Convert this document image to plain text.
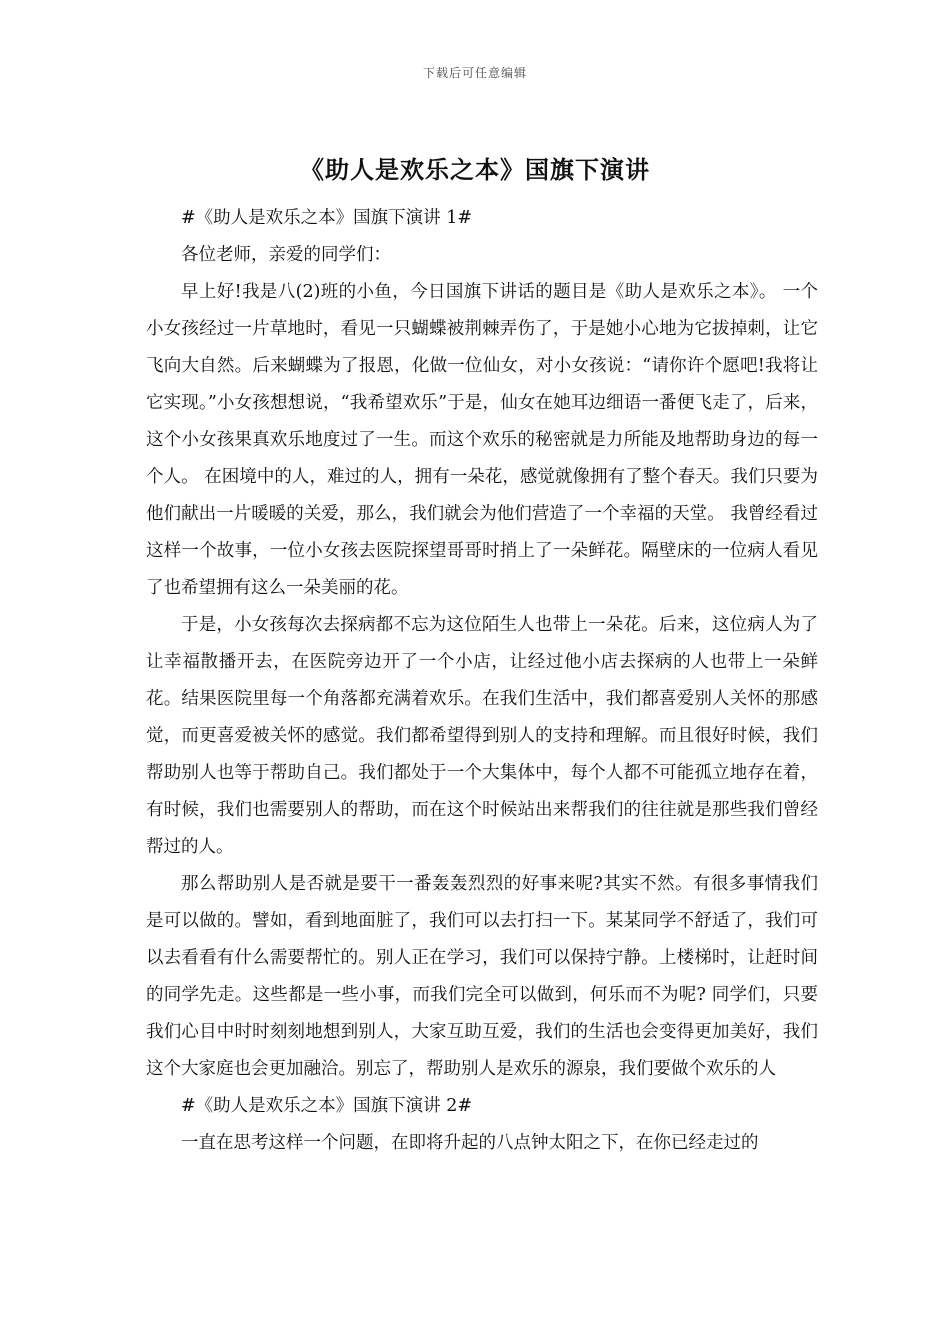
下载后可任意编辑
《助人是欢乐之本》国旗下演讲

#《助人是欢乐之本》国旗下演讲 1#

各位老师，亲爱的同学们：

早上好!我是八(2)班的小鱼，今日国旗下讲话的题目是《助人是欢乐之本》。 一个小女孩经过一片草地时，看见一只蝴蝶被荆棘弄伤了，于是她小心地为它拔掉刺，让它飞向大自然。后来蝴蝶为了报恩，化做一位仙女，对小女孩说：“请你许个愿吧!我将让它实现。”小女孩想想说，“我希望欢乐”于是，仙女在她耳边细语一番便飞走了，后来，这个小女孩果真欢乐地度过了一生。而这个欢乐的秘密就是力所能及地帮助身边的每一个人。 在困境中的人，难过的人，拥有一朵花，感觉就像拥有了整个春天。我们只要为他们献出一片暖暖的关爱，那么，我们就会为他们营造了一个幸福的天堂。 我曾经看过这样一个故事，一位小女孩去医院探望哥哥时捎上了一朵鲜花。隔壁床的一位病人看见了也希望拥有这么一朵美丽的花。

于是，小女孩每次去探病都不忘为这位陌生人也带上一朵花。后来，这位病人为了让幸福散播开去，在医院旁边开了一个小店，让经过他小店去探病的人也带上一朵鲜花。结果医院里每一个角落都充满着欢乐。在我们生活中，我们都喜爱别人关怀的那感觉，而更喜爱被关怀的感觉。我们都希望得到别人的支持和理解。而且很好时候，我们帮助别人也等于帮助自己。我们都处于一个大集体中，每个人都不可能孤立地存在着，有时候，我们也需要别人的帮助，而在这个时候站出来帮我们的往往就是那些我们曾经帮过的人。

那么帮助别人是否就是要干一番轰轰烈烈的好事来呢?其实不然。有很多事情我们是可以做的。譬如，看到地面脏了，我们可以去打扫一下。某某同学不舒适了，我们可以去看看有什么需要帮忙的。别人正在学习，我们可以保持宁静。上楼梯时，让赶时间的同学先走。这些都是一些小事，而我们完全可以做到，何乐而不为呢? 同学们，只要我们心目中时时刻刻地想到别人，大家互助互爱，我们的生活也会变得更加美好，我们这个大家庭也会更加融洽。别忘了，帮助别人是欢乐的源泉，我们要做个欢乐的人

#《助人是欢乐之本》国旗下演讲 2#

一直在思考这样一个问题，在即将升起的八点钟太阳之下，在你已经走过的
